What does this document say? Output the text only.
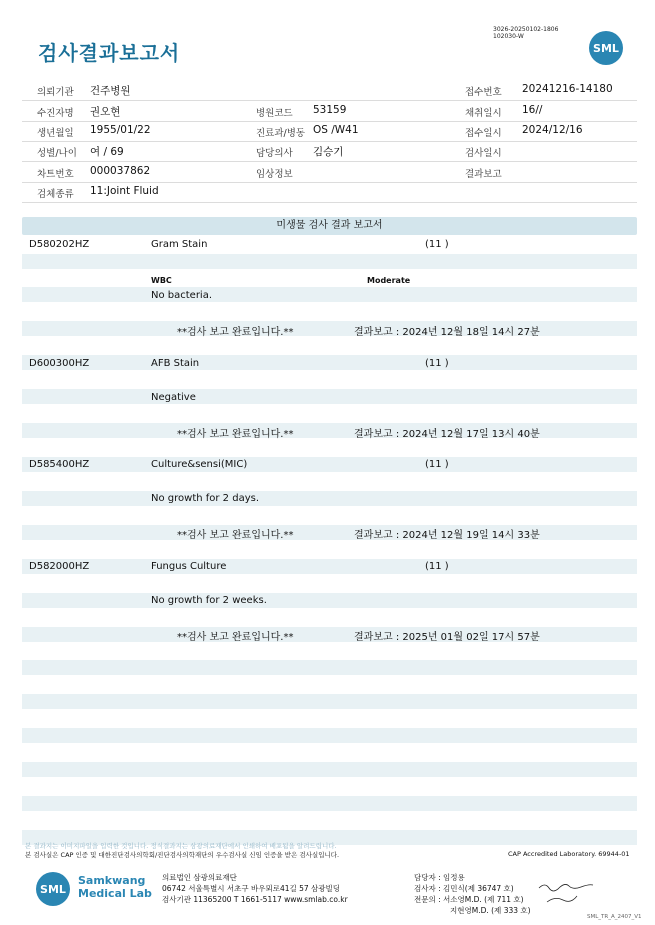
3026-20250102-1806
102030-W
검사결과보고서	SML
의뢰기관 건주병원	접수번호 20241216-14180
수진자명 권오현	병원코드 53159	채취일시 16//
생년월일 1955/01/22	진료과/병동 OS /W41	접수일시 2024/12/16
성별/나이 여 / 69	담당의사 김승기	검사일시
차트번호 000037862	임상정보	결과보고
검체종류 11:Joint Fluid
미생물 검사 결과 보고서
D580202HZ	Gram Stain	(11 )
WBC	Moderate
No bacteria.
**검사 보고 완료입니다.**	결과보고 : 2024년 12월 18일 14시 27분
D600300HZ	AFB Stain	(11 )
Negative
**검사 보고 완료입니다.**	결과보고 : 2024년 12월 17일 13시 40분
D585400HZ	Culture&sensi(MIC)	(11 )
No growth for 2 days.
**검사 보고 완료입니다.**	결과보고 : 2024년 12월 19일 14시 33분
D582000HZ	Fungus Culture	(11 )
No growth for 2 weeks.
**검사 보고 완료입니다.**	결과보고 : 2025년 01월 02일 17시 57분
본 결과지는 이미지파일을 입력한 것입니다. 정식결과지는 삼광의료재단에서 인쇄하여 배포됨을 알려드립니다.
본 검사실은 CAP 인증 및 대한진단검사의학회/진단검사의학재단의 우수검사실 신임 인증을 받은 검사실입니다.	CAP Accredited Laboratory. 69944-01
SML
Samkwang
Medical Lab
의료법인 삼광의료재단
06742 서울특별시 서초구 바우뫼로41길 57 삼광빌딩
검사기관 11365200 T 1661-5117 www.smlab.co.kr
담당자 : 임정용
검사자 : 김민식(제 36747 호)
전문의 : 서소영M.D. (제 711 호)
지현영M.D. (제 333 호)
SML_TR_A_2407_V1
